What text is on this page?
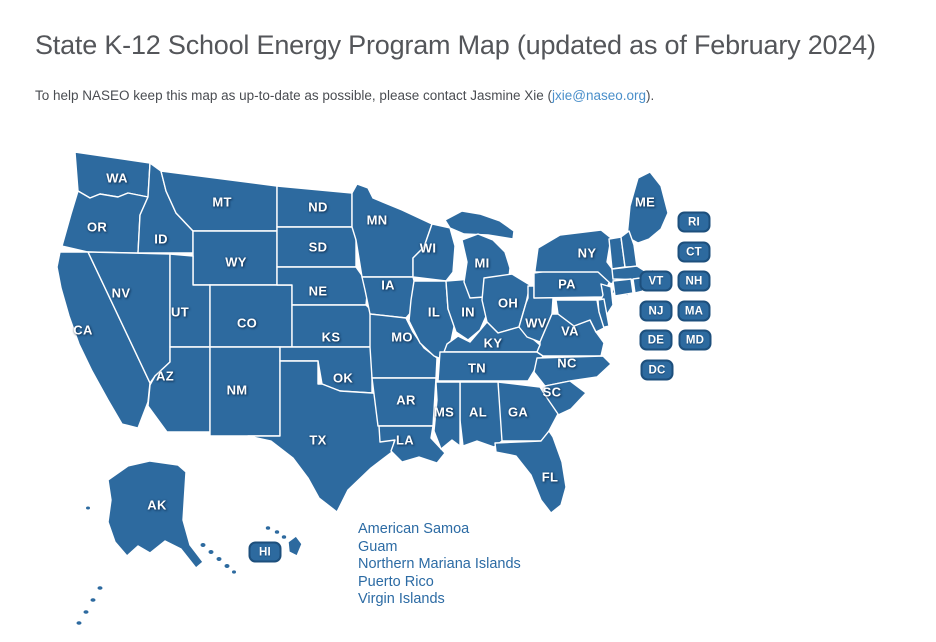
State K-12 School Energy Program Map (updated as of February 2024)

To help NASEO keep this map as up-to-date as possible, please contact Jasmine Xie (jxie@naseo.org).

WA
OR
CA
NV
ID
MT
WY
UT
CO
AZ
NM
ND
SD
NE
KS
OK
TX
MN
IA
MO
AR
LA
WI
IL IN
MI
OH
KY
TN
MS AL GA
FL
SC
NC
VA
WV
PA
NY
ME
AK
RI
CT
VT	NH
NJ	MA
DE	MD
DC
HI
American Samoa
Guam
Northern Mariana Islands
Puerto Rico
Virgin Islands
